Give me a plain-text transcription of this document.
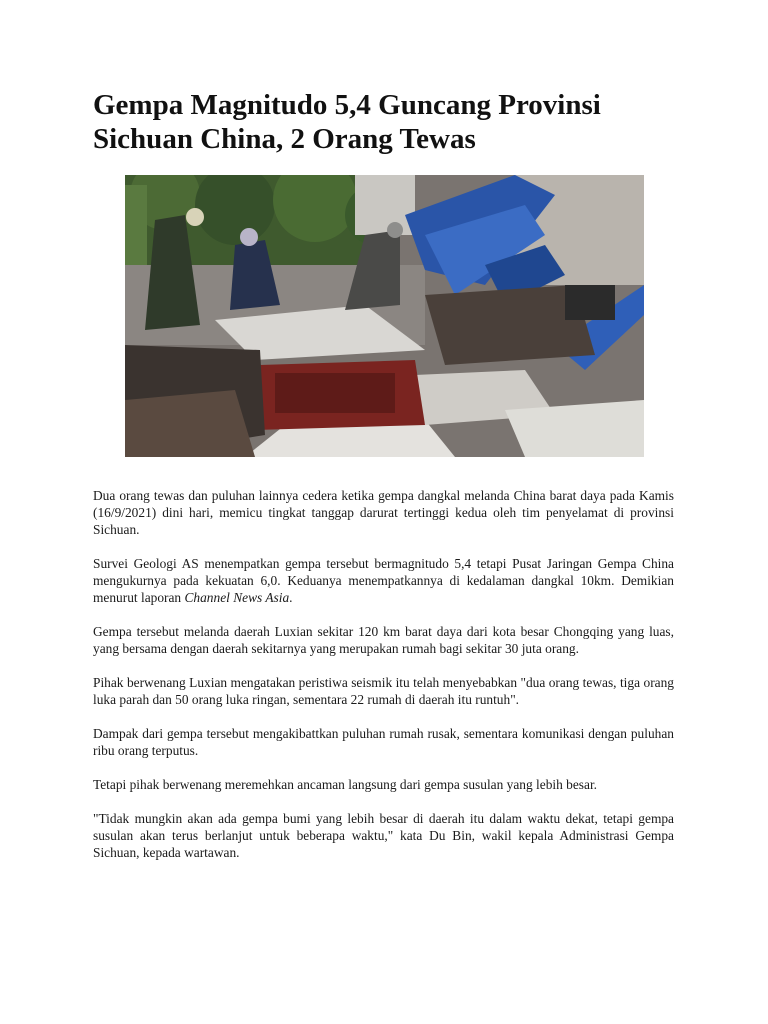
Gempa Magnitudo 5,4 Guncang Provinsi Sichuan China, 2 Orang Tewas

Dua orang tewas dan puluhan lainnya cedera ketika gempa dangkal melanda China barat daya pada Kamis (16/9/2021) dini hari, memicu tingkat tanggap darurat tertinggi kedua oleh tim penyelamat di provinsi Sichuan.

Survei Geologi AS menempatkan gempa tersebut bermagnitudo 5,4 tetapi Pusat Jaringan Gempa China mengukurnya pada kekuatan 6,0. Keduanya menempatkannya di kedalaman dangkal 10km. Demikian menurut laporan Channel News Asia.

Gempa tersebut melanda daerah Luxian sekitar 120 km barat daya dari kota besar Chongqing yang luas, yang bersama dengan daerah sekitarnya yang merupakan rumah bagi sekitar 30 juta orang.

Pihak berwenang Luxian mengatakan peristiwa seismik itu telah menyebabkan "dua orang tewas, tiga orang luka parah dan 50 orang luka ringan, sementara 22 rumah di daerah itu runtuh".

Dampak dari gempa tersebut mengakibattkan puluhan rumah rusak, sementara komunikasi dengan puluhan ribu orang terputus.

Tetapi pihak berwenang meremehkan ancaman langsung dari gempa susulan yang lebih besar.

"Tidak mungkin akan ada gempa bumi yang lebih besar di daerah itu dalam waktu dekat, tetapi gempa susulan akan terus berlanjut untuk beberapa waktu," kata Du Bin, wakil kepala Administrasi Gempa Sichuan, kepada wartawan.
